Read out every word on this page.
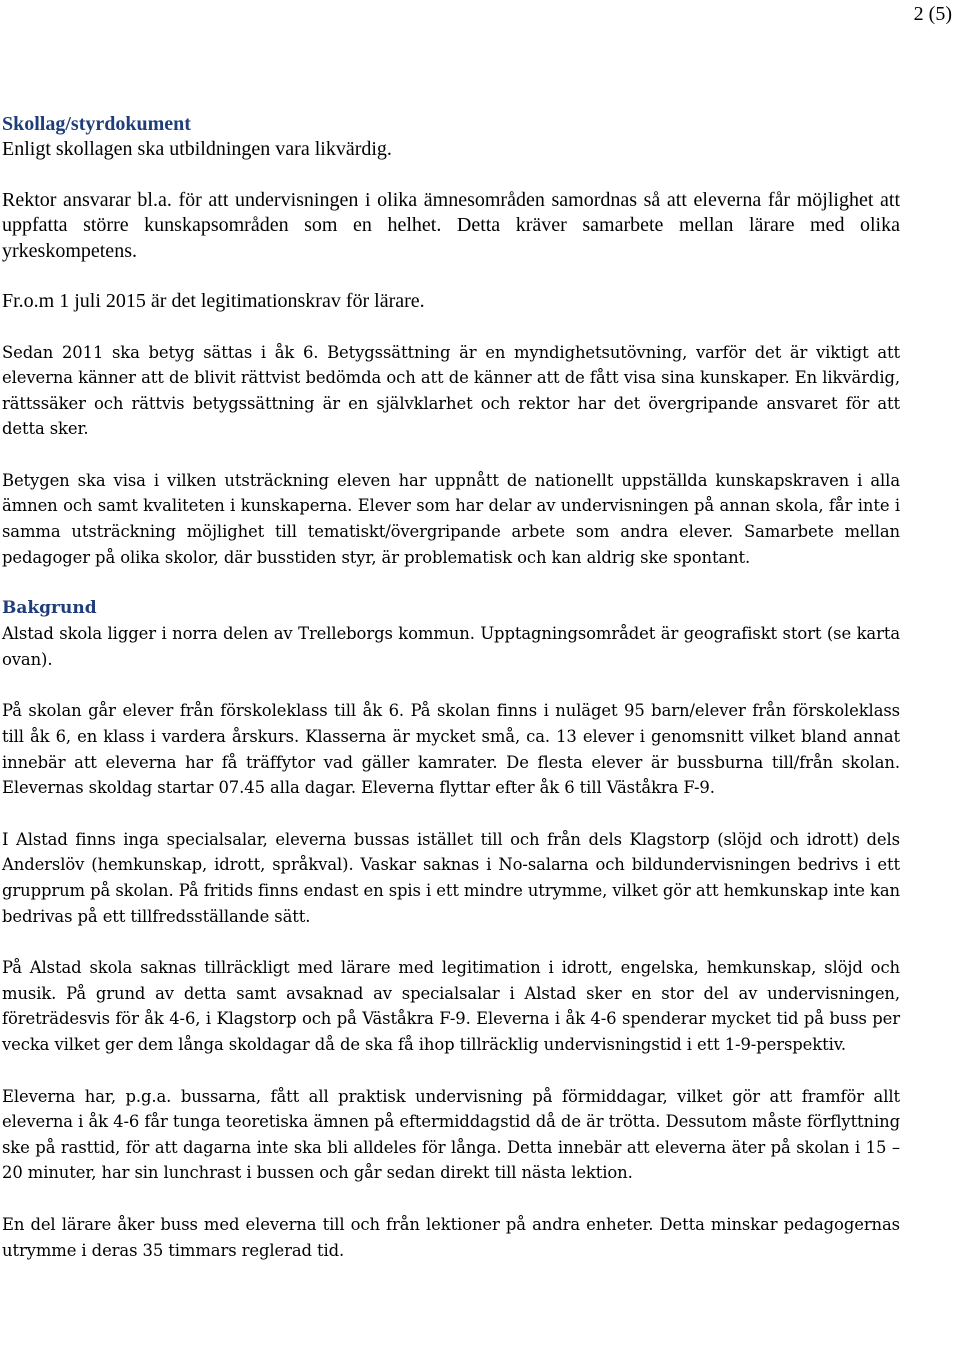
2 (5)
Skollag/styrdokument

Enligt skollagen ska utbildningen vara likvärdig.

Rektor ansvarar bl.a. för att undervisningen i olika ämnesområden samordnas så att eleverna får möjlighet att uppfatta större kunskapsområden som en helhet. Detta kräver samarbete mellan lärare med olika yrkeskompetens.

Fr.o.m 1 juli 2015 är det legitimationskrav för lärare.

Sedan 2011 ska betyg sättas i åk 6. Betygssättning är en myndighetsutövning, varför det är viktigt att eleverna känner att de blivit rättvist bedömda och att de känner att de fått visa sina kunskaper. En likvärdig, rättssäker och rättvis betygssättning är en självklarhet och rektor har det övergripande ansvaret för att detta sker.

Betygen ska visa i vilken utsträckning eleven har uppnått de nationellt uppställda kunskapskraven i alla ämnen och samt kvaliteten i kunskaperna. Elever som har delar av undervisningen på annan skola, får inte i samma utsträckning möjlighet till tematiskt/övergripande arbete som andra elever. Samarbete mellan pedagoger på olika skolor, där busstiden styr, är problematisk och kan aldrig ske spontant.

Bakgrund

Alstad skola ligger i norra delen av Trelleborgs kommun. Upptagningsområdet är geografiskt stort (se karta ovan).

På skolan går elever från förskoleklass till åk 6. På skolan finns i nuläget 95 barn/elever från förskoleklass till åk 6, en klass i vardera årskurs. Klasserna är mycket små, ca. 13 elever i genomsnitt vilket bland annat innebär att eleverna har få träffytor vad gäller kamrater. De flesta elever är bussburna till/från skolan. Elevernas skoldag startar 07.45 alla dagar. Eleverna flyttar efter åk 6 till Väståkra F-9.

I Alstad finns inga specialsalar, eleverna bussas istället till och från dels Klagstorp (slöjd och idrott) dels Anderslöv (hemkunskap, idrott, språkval). Vaskar saknas i No-salarna och bildundervisningen bedrivs i ett grupprum på skolan. På fritids finns endast en spis i ett mindre utrymme, vilket gör att hemkunskap inte kan bedrivas på ett tillfredsställande sätt.

På Alstad skola saknas tillräckligt med lärare med legitimation i idrott, engelska, hemkunskap, slöjd och musik. På grund av detta samt avsaknad av specialsalar i Alstad sker en stor del av undervisningen, företrädesvis för åk 4-6, i Klagstorp och på Väståkra F-9. Eleverna i åk 4-6 spenderar mycket tid på buss per vecka vilket ger dem långa skoldagar då de ska få ihop tillräcklig undervisningstid i ett 1-9-perspektiv.

Eleverna har, p.g.a. bussarna, fått all praktisk undervisning på förmiddagar, vilket gör att framför allt eleverna i åk 4-6 får tunga teoretiska ämnen på eftermiddagstid då de är trötta. Dessutom måste förflyttning ske på rasttid, för att dagarna inte ska bli alldeles för långa. Detta innebär att eleverna äter på skolan i 15 – 20 minuter, har sin lunchrast i bussen och går sedan direkt till nästa lektion.

En del lärare åker buss med eleverna till och från lektioner på andra enheter. Detta minskar pedagogernas utrymme i deras 35 timmars reglerad tid.
